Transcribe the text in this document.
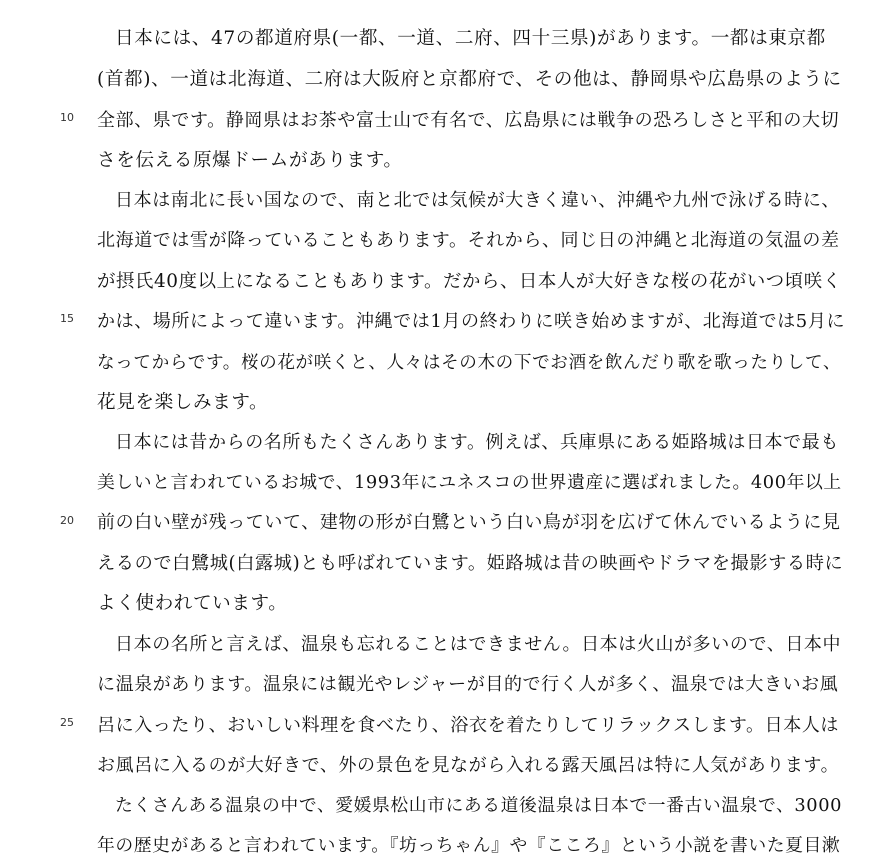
10
15
20
25
日本には、47の都道府県(一都、一道、二府、四十三県)があります。一都は東京都
(首都)、一道は北海道、二府は大阪府と京都府で、その他は、静岡県や広島県のように
全部、県です。静岡県はお茶や富士山で有名で、広島県には戦争の恐ろしさと平和の大切
さを伝える原爆ドームがあります。
日本は南北に長い国なので、南と北では気候が大きく違い、沖縄や九州で泳げる時に、
北海道では雪が降っていることもあります。それから、同じ日の沖縄と北海道の気温の差
が摂氏40度以上になることもあります。だから、日本人が大好きな桜の花がいつ頃咲く
かは、場所によって違います。沖縄では1月の終わりに咲き始めますが、北海道では5月に
なってからです。桜の花が咲くと、人々はその木の下でお酒を飲んだり歌を歌ったりして、
花見を楽しみます。
日本には昔からの名所もたくさんあります。例えば、兵庫県にある姫路城は日本で最も
美しいと言われているお城で、1993年にユネスコの世界遺産に選ばれました。400年以上
前の白い壁が残っていて、建物の形が白鷺という白い鳥が羽を広げて休んでいるように見
えるので白鷺城(白露城)とも呼ばれています。姫路城は昔の映画やドラマを撮影する時に
よく使われています。
日本の名所と言えば、温泉も忘れることはできません。日本は火山が多いので、日本中
に温泉があります。温泉には観光やレジャーが目的で行く人が多く、温泉では大きいお風
呂に入ったり、おいしい料理を食べたり、浴衣を着たりしてリラックスします。日本人は
お風呂に入るのが大好きで、外の景色を見ながら入れる露天風呂は特に人気があります。
たくさんある温泉の中で、愛媛県松山市にある道後温泉は日本で一番古い温泉で、3000
年の歴史があると言われています。『坊っちゃん』や『こころ』という小説を書いた夏目漱
